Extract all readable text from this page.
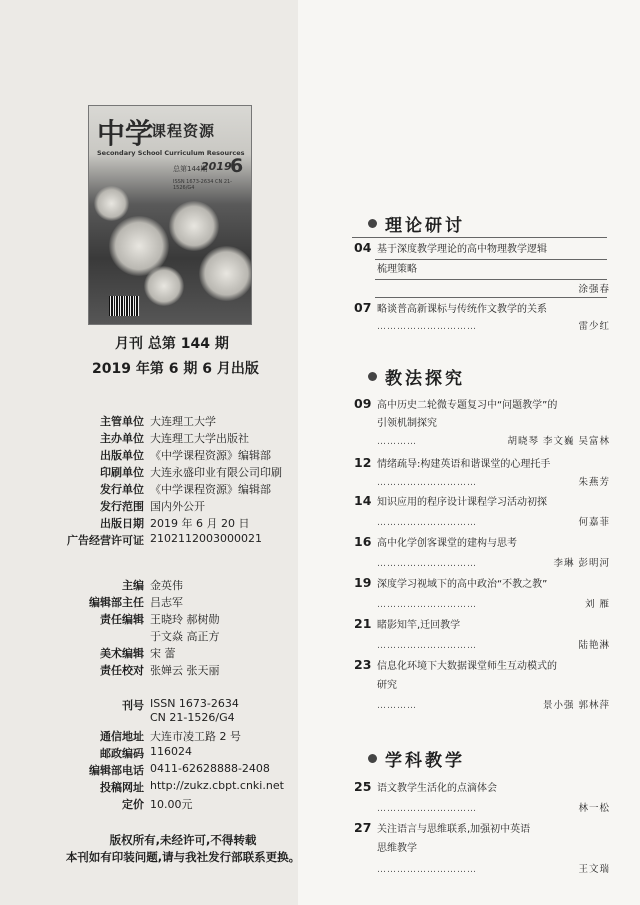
中学
课程资源
Secondary School Curriculum Resources
总第144期
2019
6
ISSN 1673-2634 CN 21-1526/G4
月刊 总第 144 期
2019 年第 6 期 6 月出版
主管单位 大连理工大学
主办单位 大连理工大学出版社
出版单位 《中学课程资源》编辑部
印刷单位 大连永盛印业有限公司印刷
发行单位 《中学课程资源》编辑部
发行范围 国内外公开
出版日期 2019 年 6 月 20 日
广告经营许可证 2102112003000021
主编 金英伟
编辑部主任 吕志军
责任编辑 王晓玲 郝树勋
于文焱 高正方
美术编辑 宋 蕾
责任校对 张婵云 张天丽
刊号 ISSN 1673-2634
CN 21-1526/G4
通信地址 大连市凌工路 2 号
邮政编码 116024
编辑部电话 0411-62628888-2408
投稿网址 http://zukz.cbpt.cnki.net
定价 10.00元
版权所有,未经许可,不得转载
本刊如有印装问题,请与我社发行部联系更换。
理论研讨
04 基于深度教学理论的高中物理教学逻辑
梳理策略
涂强春
07 略谈普高新课标与传统作文教学的关系
…………………………	雷少红
教法探究
09 高中历史二轮微专题复习中“问题教学”的
引领机制探究
…………	胡晓琴 李文巍 吴富林
12 情绪疏导:构建英语和谐课堂的心理托手
…………………………	朱燕芳
14 知识应用的程序设计课程学习活动初探
…………………………	何嘉菲
16 高中化学创客课堂的建构与思考
…………………………	李琳 彭明河
19 深度学习视域下的高中政治“不教之教”
…………………………	刘 雁
21 睹影知竿,迁回教学
…………………………	陆艳淋
23 信息化环境下大数据课堂师生互动模式的
研究
…………	景小强 郭林萍
学科教学
25 语文教学生活化的点滴体会
…………………………	林一松
27 关注语言与思维联系,加强初中英语
思维教学
…………………………	王文瑞
